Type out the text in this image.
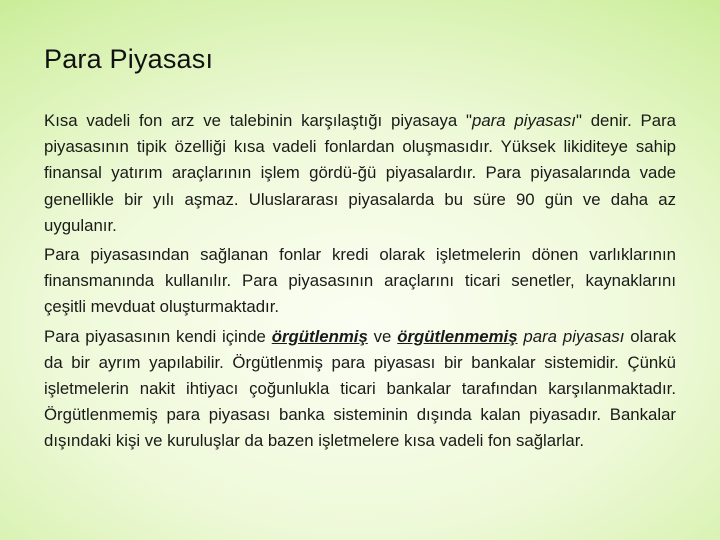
Para Piyasası

Kısa vadeli fon arz ve talebinin karşılaştığı piyasaya "para piyasası" denir. Para piyasasının tipik özelliği kısa vadeli fonlardan oluşmasıdır. Yüksek likiditeye sahip finansal yatırım araçlarının işlem gördü-ğü piyasalardır. Para piyasalarında vade genellikle bir yılı aşmaz. Uluslararası piyasalarda bu süre 90 gün ve daha az uygulanır.

Para piyasasından sağlanan fonlar kredi olarak işletmelerin dönen varlıklarının finansmanında kullanılır. Para piyasasının araçlarını ticari senetler, kaynaklarını çeşitli mevduat oluşturmaktadır.

Para piyasasının kendi içinde örgütlenmiş ve örgütlenmemiş para piyasası olarak da bir ayrım yapılabilir. Örgütlenmiş para piyasası bir bankalar sistemidir. Çünkü işletmelerin nakit ihtiyacı çoğunlukla ticari bankalar tarafından karşılanmaktadır. Örgütlenmemiş para piyasası banka sisteminin dışında kalan piyasadır. Bankalar dışındaki kişi ve kuruluşlar da bazen işletmelere kısa vadeli fon sağlarlar.
